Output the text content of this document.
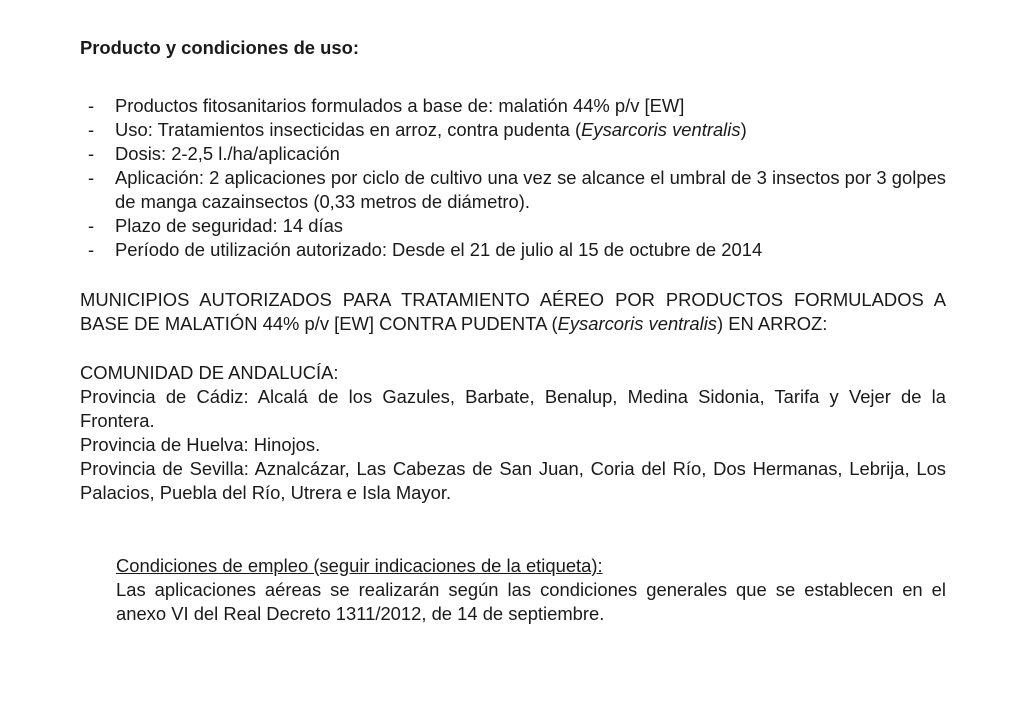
Producto y condiciones de uso:
- Productos fitosanitarios formulados a base de: malatión 44% p/v [EW]
- Uso: Tratamientos insecticidas en arroz, contra pudenta (Eysarcoris ventralis)
- Dosis: 2-2,5 l./ha/aplicación
- Aplicación: 2 aplicaciones por ciclo de cultivo una vez se alcance el umbral de 3 insectos por 3 golpes de manga cazainsectos (0,33 metros de diámetro).
- Plazo de seguridad: 14 días
- Período de utilización autorizado: Desde el 21 de julio al 15 de octubre de 2014

MUNICIPIOS AUTORIZADOS PARA TRATAMIENTO AÉREO POR PRODUCTOS FORMULADOS A BASE DE MALATIÓN 44% p/v [EW] CONTRA PUDENTA (Eysarcoris ventralis) EN ARROZ:

COMUNIDAD DE ANDALUCÍA:

Provincia de Cádiz: Alcalá de los Gazules, Barbate, Benalup, Medina Sidonia, Tarifa y Vejer de la Frontera.

Provincia de Huelva: Hinojos.

Provincia de Sevilla: Aznalcázar, Las Cabezas de San Juan, Coria del Río, Dos Hermanas, Lebrija, Los Palacios, Puebla del Río, Utrera e Isla Mayor.

Condiciones de empleo (seguir indicaciones de la etiqueta):

Las aplicaciones aéreas se realizarán según las condiciones generales que se establecen en el anexo VI del Real Decreto 1311/2012, de 14 de septiembre.
